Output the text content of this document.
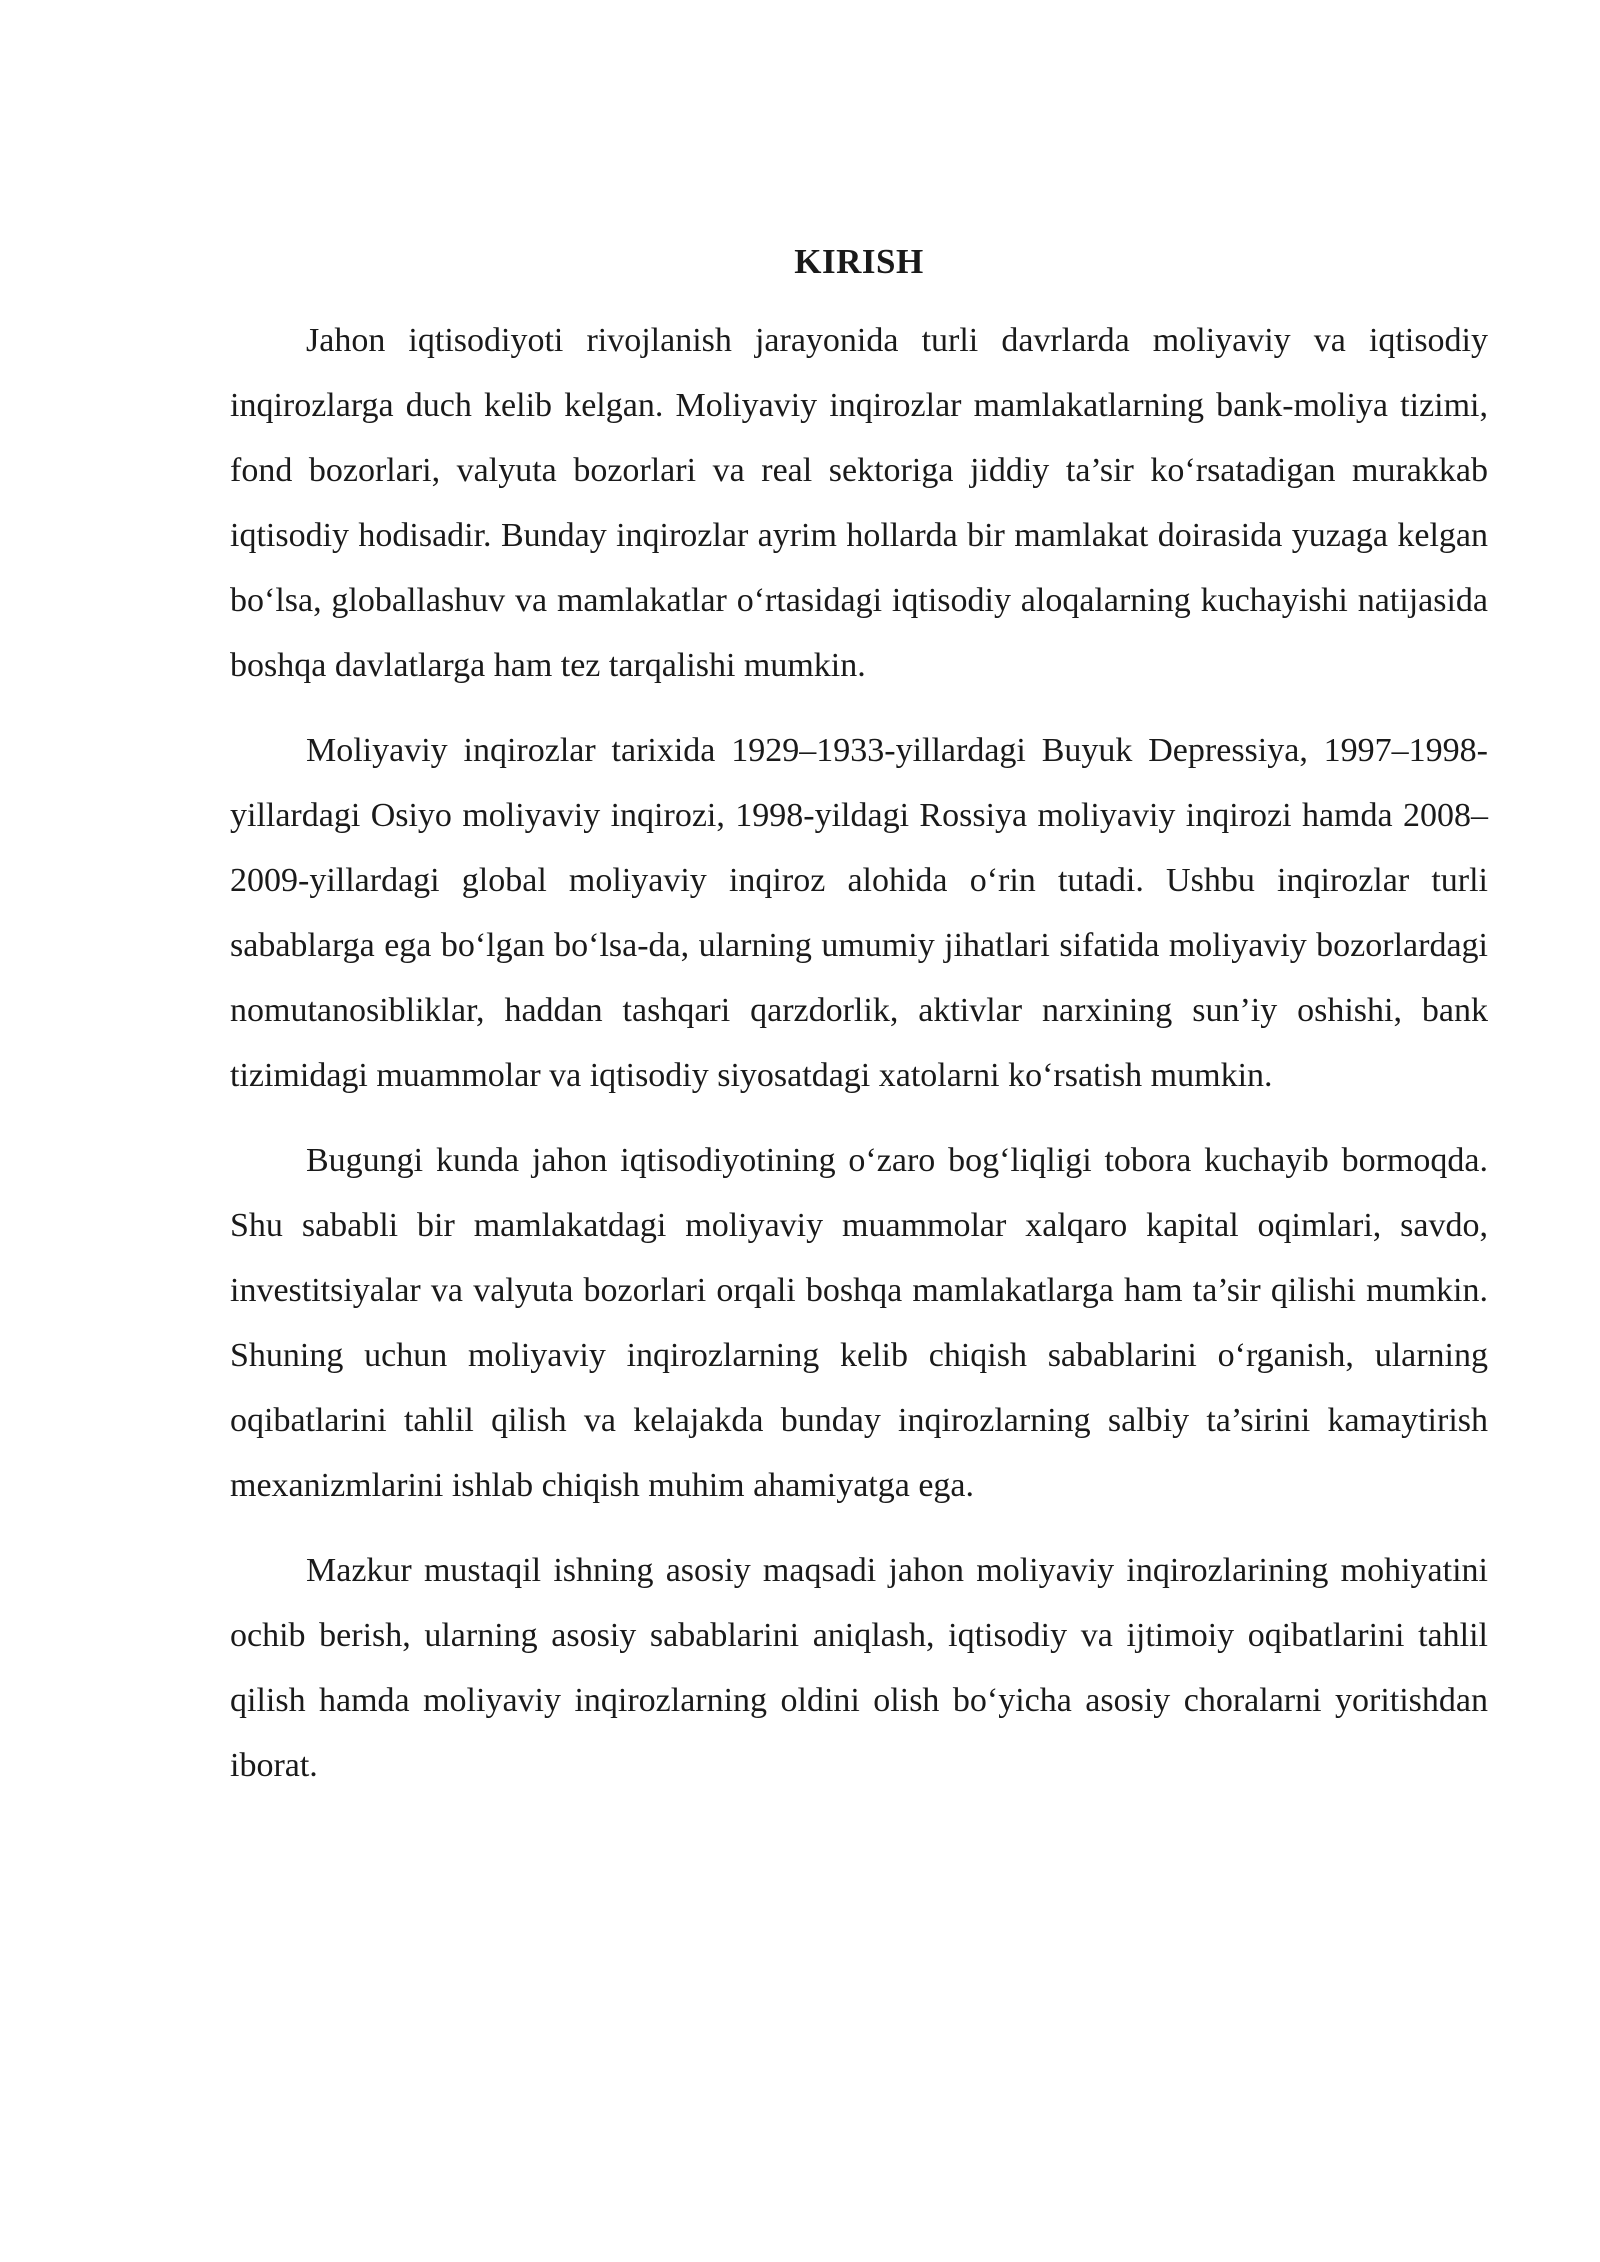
KIRISH

Jahon iqtisodiyoti rivojlanish jarayonida turli davrlarda moliyaviy va iqtisodiy inqirozlarga duch kelib kelgan. Moliyaviy inqirozlar mamlakatlarning bank-moliya tizimi, fond bozorlari, valyuta bozorlari va real sektoriga jiddiy ta’sir ko‘rsatadigan murakkab iqtisodiy hodisadir. Bunday inqirozlar ayrim hollarda bir mamlakat doirasida yuzaga kelgan bo‘lsa, globallashuv va mamlakatlar o‘rtasidagi iqtisodiy aloqalarning kuchayishi natijasida boshqa davlatlarga ham tez tarqalishi mumkin.

Moliyaviy inqirozlar tarixida 1929–1933-yillardagi Buyuk Depressiya, 1997–1998-yillardagi Osiyo moliyaviy inqirozi, 1998-yildagi Rossiya moliyaviy inqirozi hamda 2008–2009-yillardagi global moliyaviy inqiroz alohida o‘rin tutadi. Ushbu inqirozlar turli sabablarga ega bo‘lgan bo‘lsa-da, ularning umumiy jihatlari sifatida moliyaviy bozorlardagi nomutanosibliklar, haddan tashqari qarzdorlik, aktivlar narxining sun’iy oshishi, bank tizimidagi muammolar va iqtisodiy siyosatdagi xatolarni ko‘rsatish mumkin.

Bugungi kunda jahon iqtisodiyotining o‘zaro bog‘liqligi tobora kuchayib bormoqda. Shu sababli bir mamlakatdagi moliyaviy muammolar xalqaro kapital oqimlari, savdo, investitsiyalar va valyuta bozorlari orqali boshqa mamlakatlarga ham ta’sir qilishi mumkin. Shuning uchun moliyaviy inqirozlarning kelib chiqish sabablarini o‘rganish, ularning oqibatlarini tahlil qilish va kelajakda bunday inqirozlarning salbiy ta’sirini kamaytirish mexanizmlarini ishlab chiqish muhim ahamiyatga ega.

Mazkur mustaqil ishning asosiy maqsadi jahon moliyaviy inqirozlarining mohiyatini ochib berish, ularning asosiy sabablarini aniqlash, iqtisodiy va ijtimoiy oqibatlarini tahlil qilish hamda moliyaviy inqirozlarning oldini olish bo‘yicha asosiy choralarni yoritishdan iborat.
